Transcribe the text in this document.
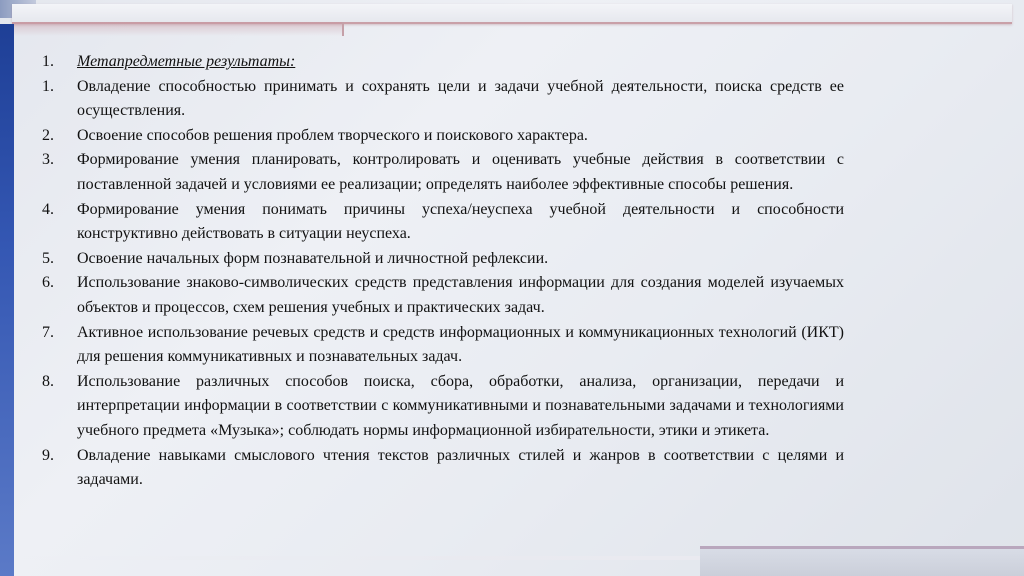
1.	Метапредметные результаты:
1.	Овладение способностью принимать и сохранять цели и задачи учебной деятельности, поиска средств ее осуществления.
2.	Освоение способов решения проблем творческого и поискового характера.
3.	Формирование умения планировать, контролировать и оценивать учебные действия в соответствии с поставленной задачей и условиями ее реализации; определять наиболее эффективные способы решения.
4.	Формирование умения понимать причины успеха/неуспеха учебной деятельности и способности конструктивно действовать в ситуации неуспеха.
5.	Освоение начальных форм познавательной и личностной рефлексии.
6.	Использование знаково-символических средств представления информации для создания моделей изучаемых объектов и процессов, схем решения учебных и практических задач.
7.	Активное использование речевых средств и средств информационных и коммуникационных технологий (ИКТ) для решения коммуникативных и познавательных задач.
8.	Использование различных способов поиска, сбора, обработки, анализа, организации, передачи и интерпретации информации в соответствии с коммуникативными и познавательными задачами и технологиями учебного предмета «Музыка»; соблюдать нормы информационной избирательности, этики и этикета.
9.	Овладение навыками смыслового чтения текстов различных стилей и жанров в соответствии с целями и задачами.
